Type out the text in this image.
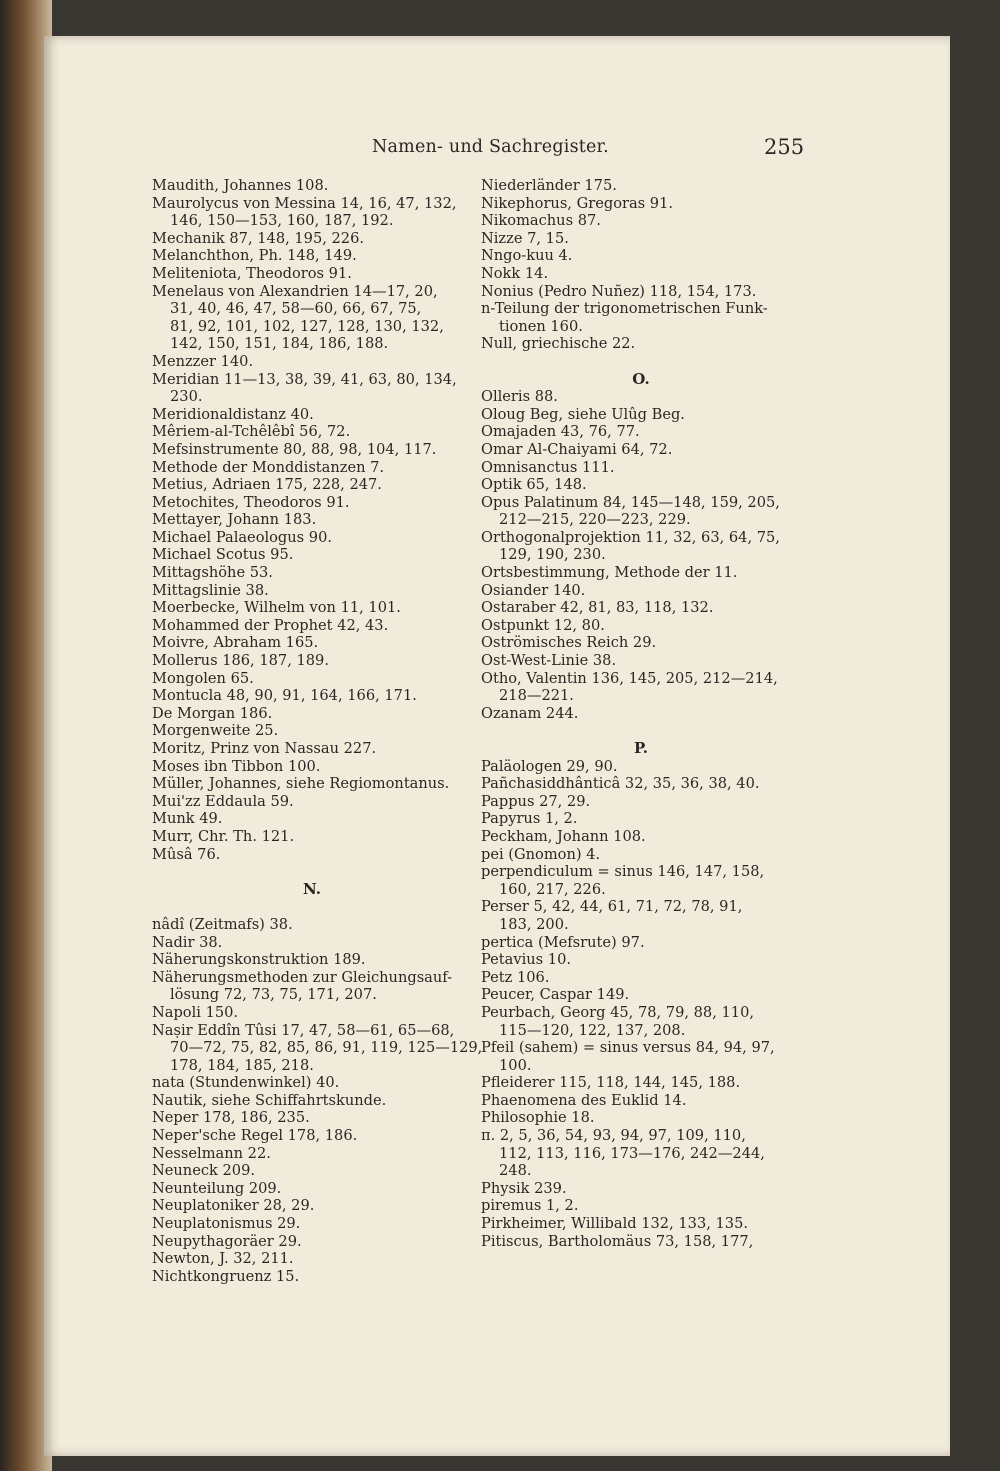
Namen- und Sachregister.	255
Maudith, Johannes 108.
Maurolycus von Messina 14, 16, 47, 132,
146, 150—153, 160, 187, 192.
Mechanik 87, 148, 195, 226.
Melanchthon, Ph. 148, 149.
Meliteniota, Theodoros 91.
Menelaus von Alexandrien 14—17, 20,
31, 40, 46, 47, 58—60, 66, 67, 75,
81, 92, 101, 102, 127, 128, 130, 132,
142, 150, 151, 184, 186, 188.
Menzzer 140.
Meridian 11—13, 38, 39, 41, 63, 80, 134,
230.
Meridionaldistanz 40.
Mêriem-al-Tchêlêbî 56, 72.
Mefsinstrumente 80, 88, 98, 104, 117.
Methode der Monddistanzen 7.
Metius, Adriaen 175, 228, 247.
Metochites, Theodoros 91.
Mettayer, Johann 183.
Michael Palaeologus 90.
Michael Scotus 95.
Mittagshöhe 53.
Mittagslinie 38.
Moerbecke, Wilhelm von 11, 101.
Mohammed der Prophet 42, 43.
Moivre, Abraham 165.
Mollerus 186, 187, 189.
Mongolen 65.
Montucla 48, 90, 91, 164, 166, 171.
De Morgan 186.
Morgenweite 25.
Moritz, Prinz von Nassau 227.
Moses ibn Tibbon 100.
Müller, Johannes, siehe Regiomontanus.
Mui'zz Eddaula 59.
Munk 49.
Murr, Chr. Th. 121.
Mûsâ 76.
N.
nâdî (Zeitmafs) 38.
Nadir 38.
Näherungskonstruktion 189.
Näherungsmethoden zur Gleichungsauf-
lösung 72, 73, 75, 171, 207.
Napoli 150.
Naṣir Eddîn Tûsi 17, 47, 58—61, 65—68,
70—72, 75, 82, 85, 86, 91, 119, 125—129,
178, 184, 185, 218.
nata (Stundenwinkel) 40.
Nautik, siehe Schiffahrtskunde.
Neper 178, 186, 235.
Neper'sche Regel 178, 186.
Nesselmann 22.
Neuneck 209.
Neunteilung 209.
Neuplatoniker 28, 29.
Neuplatonismus 29.
Neupythagoräer 29.
Newton, J. 32, 211.
Nichtkongruenz 15.
Niederländer 175.
Nikephorus, Gregoras 91.
Nikomachus 87.
Nizze 7, 15.
Nngo-kuu 4.
Nokk 14.
Nonius (Pedro Nuñez) 118, 154, 173.
n-Teilung der trigonometrischen Funk-
tionen 160.
Null, griechische 22.
O.
Olleris 88.
Oloug Beg, siehe Ulûg Beg.
Omajaden 43, 76, 77.
Omar Al-Chaiyami 64, 72.
Omnisanctus 111.
Optik 65, 148.
Opus Palatinum 84, 145—148, 159, 205,
212—215, 220—223, 229.
Orthogonalprojektion 11, 32, 63, 64, 75,
129, 190, 230.
Ortsbestimmung, Methode der 11.
Osiander 140.
Ostaraber 42, 81, 83, 118, 132.
Ostpunkt 12, 80.
Oströmisches Reich 29.
Ost-West-Linie 38.
Otho, Valentin 136, 145, 205, 212—214,
218—221.
Ozanam 244.
P.
Paläologen 29, 90.
Pañchasiddhânticâ 32, 35, 36, 38, 40.
Pappus 27, 29.
Papyrus 1, 2.
Peckham, Johann 108.
pei (Gnomon) 4.
perpendiculum = sinus 146, 147, 158,
160, 217, 226.
Perser 5, 42, 44, 61, 71, 72, 78, 91,
183, 200.
pertica (Mefsrute) 97.
Petavius 10.
Petz 106.
Peucer, Caspar 149.
Peurbach, Georg 45, 78, 79, 88, 110,
115—120, 122, 137, 208.
Pfeil (sahem) = sinus versus 84, 94, 97,
100.
Pfleiderer 115, 118, 144, 145, 188.
Phaenomena des Euklid 14.
Philosophie 18.
π. 2, 5, 36, 54, 93, 94, 97, 109, 110,
112, 113, 116, 173—176, 242—244,
248.
Physik 239.
piremus 1, 2.
Pirkheimer, Willibald 132, 133, 135.
Pitiscus, Bartholomäus 73, 158, 177,
